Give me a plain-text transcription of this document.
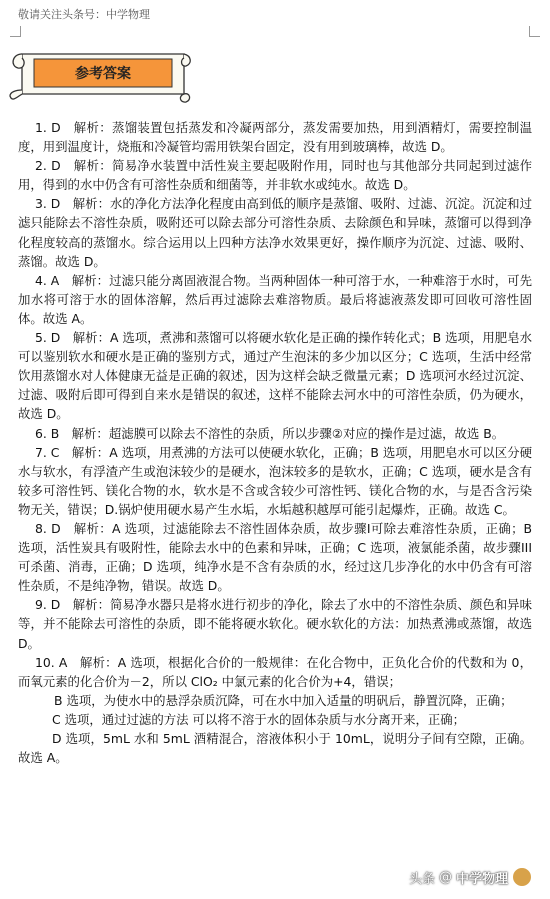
敬请关注头条号：中学物理
参考答案

1. D　解析：蒸馏装置包括蒸发和冷凝两部分，蒸发需要加热，用到酒精灯，需要控制温度，用到温度计，烧瓶和冷凝管均需用铁架台固定，没有用到玻璃棒，故选 D。

2. D　解析：简易净水装置中活性炭主要起吸附作用，同时也与其他部分共同起到过滤作用，得到的水中仍含有可溶性杂质和细菌等，并非软水或纯水。故选 D。

3. D　解析：水的净化方法净化程度由高到低的顺序是蒸馏、吸附、过滤、沉淀。沉淀和过滤只能除去不溶性杂质，吸附还可以除去部分可溶性杂质、去除颜色和异味，蒸馏可以得到净化程度较高的蒸馏水。综合运用以上四种方法净水效果更好，操作顺序为沉淀、过滤、吸附、蒸馏。故选 D。

4. A　解析：过滤只能分离固液混合物。当两种固体一种可溶于水，一种难溶于水时，可先加水将可溶于水的固体溶解，然后再过滤除去难溶物质。最后将滤液蒸发即可回收可溶性固体。故选 A。

5. D　解析：A 选项，煮沸和蒸馏可以将硬水软化是正确的操作转化式；B 选项，用肥皂水可以鉴别软水和硬水是正确的鉴别方式，通过产生泡沫的多少加以区分；C 选项，生活中经常饮用蒸馏水对人体健康无益是正确的叙述，因为这样会缺乏微量元素；D 选项河水经过沉淀、过滤、吸附后即可得到自来水是错误的叙述，这样不能除去河水中的可溶性杂质，仍为硬水，故选 D。

6. B　解析：超滤膜可以除去不溶性的杂质，所以步骤②对应的操作是过滤，故选 B。

7. C　解析：A 选项，用煮沸的方法可以使硬水软化，正确；B 选项，用肥皂水可以区分硬水与软水，有浮渣产生或泡沫较少的是硬水，泡沫较多的是软水，正确；C 选项，硬水是含有较多可溶性钙、镁化合物的水，软水是不含或含较少可溶性钙、镁化合物的水，与是否含污染物无关，错误；D.锅炉使用硬水易产生水垢，水垢越积越厚可能引起爆炸，正确。故选 C。

8. D　解析：A 选项，过滤能除去不溶性固体杂质，故步骤I可除去难溶性杂质，正确；B 选项，活性炭具有吸附性，能除去水中的色素和异味，正确；C 选项，液氯能杀菌，故步骤III可杀菌、消毒，正确；D 选项，纯净水是不含有杂质的水，经过这几步净化的水中仍含有可溶性杂质，不是纯净物，错误。故选 D。

9. D　解析：简易净水器只是将水进行初步的净化，除去了水中的不溶性杂质、颜色和异味等，并不能除去可溶性的杂质，即不能将硬水软化。硬水软化的方法：加热煮沸或蒸馏，故选 D。

10. A　解析：A 选项，根据化合价的一般规律：在化合物中，正负化合价的代数和为 0，而氧元素的化合价为－2，所以 ClO₂ 中氯元素的化合价为+4，错误；

B 选项，为使水中的悬浮杂质沉降，可在水中加入适量的明矾后，静置沉降，正确；

C 选项，通过过滤的方法 可以将不溶于水的固体杂质与水分离开来，正确；

D 选项，5mL 水和 5mL 酒精混合，溶液体积小于 10mL，说明分子间有空隙，正确。故选 A。

头条 @ 中学物理
